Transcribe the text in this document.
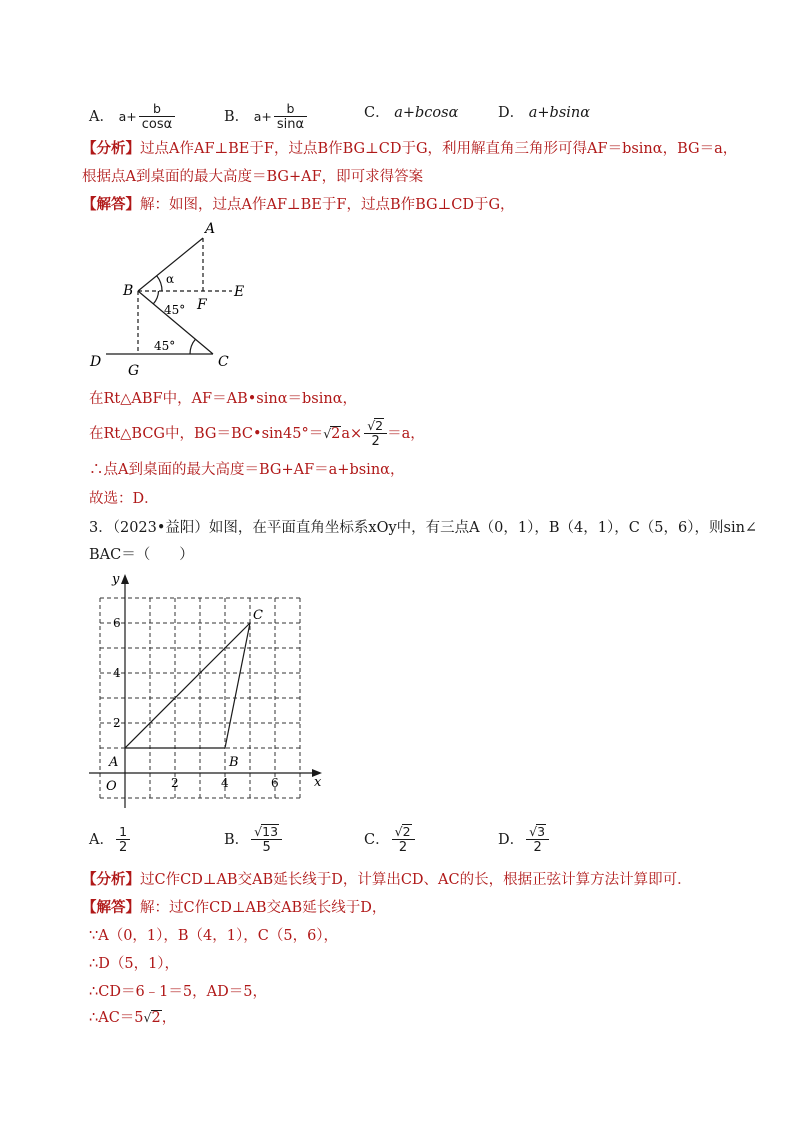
A． $a+ \frac{b}{\cos\alpha}$	B． $a+ \frac{b}{\sin\alpha}$	C． a+bcosα	D． a+bsinα
【分析】过点A作AF⊥BE于F，过点B作BG⊥CD于G，利用解直角三角形可得AF＝bsinα，BG＝a，
根据点A到桌面的最大高度＝BG+AF，即可求得答案
【解答】解：如图，过点A作AF⊥BE于F，过点B作BG⊥CD于G，
A
B	E
F
C
D
G
α
45°
45°
在Rt△ABF中，AF＝AB•sinα＝bsinα，
在Rt△BCG中，BG＝BC•sin45°＝√2a× $\frac{√2}{2} =a$，
∴点A到桌面的最大高度＝BG+AF＝a+bsinα，
故选：D．
3．（2023•益阳）如图，在平面直角坐标系xOy中，有三点A（0，1），B（4，1），C（5，6），则sin∠
BAC＝（　　）
2	4	6
2
4
6
A	B
C
y
x
O
A． $\frac{1}{2}$	B． $\frac{√13}{5}$	C． $\frac{√2}{2}$	D． $\frac{√3}{2}$
【分析】过C作CD⊥AB交AB延长线于D，计算出CD、AC的长，根据正弦计算方法计算即可．
【解答】解：过C作CD⊥AB交AB延长线于D，
∵A（0，1），B（4，1），C（5，6），
∴D（5，1），
∴CD＝6﹣1＝5，AD＝5，
∴AC＝5√2，
